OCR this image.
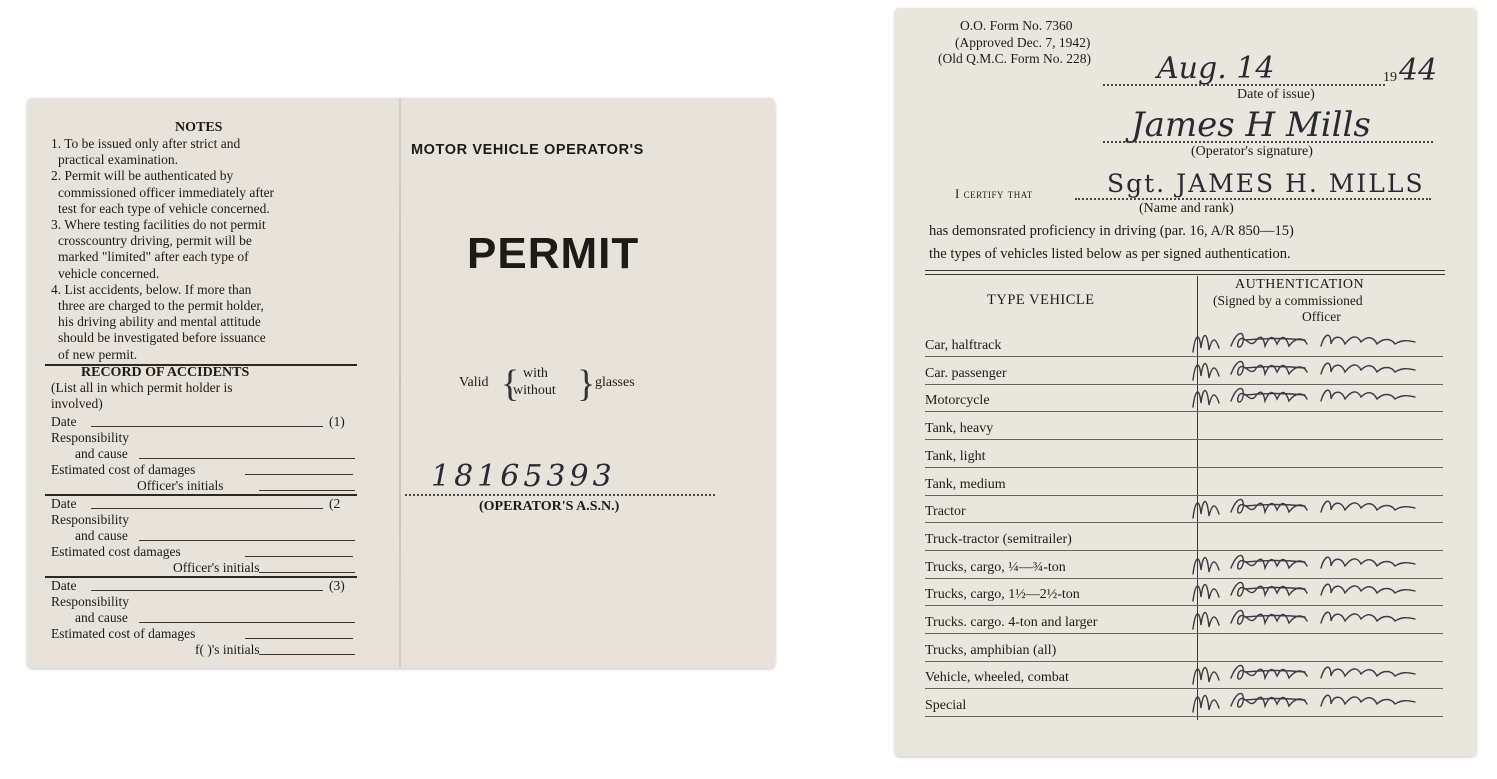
NOTES
1. To be issued only after strict and
practical examination.
2. Permit will be authenticated by
commissioned officer immediately after
test for each type of vehicle concerned.
3. Where testing facilities do not permit
crosscountry driving, permit will be
marked "limited" after each type of
vehicle concerned.
4. List accidents, below. If more than
three are charged to the permit holder,
his driving ability and mental attitude
should be investigated before issuance
of new permit.
RECORD OF ACCIDENTS
(List all in which permit holder is
involved)
Date	(1)
Responsibility
and cause
Estimated cost of damages
Officer's initials
Date	(2
Responsibility
and cause
Estimated cost damages
Officer's initials
Date	(3)
Responsibility
and cause
Estimated cost of damages
f( )'s initials
MOTOR VEHICLE OPERATOR'S
PERMIT
Valid { with
without } glasses
18165393
(OPERATOR'S A.S.N.)
O.O. Form No. 7360
(Approved Dec. 7, 1942)
(Old Q.M.C. Form No. 228) Aug. 14	19 44
Date of issue)
James H Mills
(Operator's signature)
I certify that	Sgt. JAMES H. MILLS
(Name and rank)
has demonsrated proficiency in driving (par. 16, A/R 850—15)
the types of vehicles listed below as per signed authentication.
TYPE VEHICLE
AUTHENTICATION
(Signed by a commissioned
Officer
Car, halftrack
Car. passenger
Motorcycle
Tank, heavy
Tank, light
Tank, medium
Tractor
Truck-tractor (semitrailer)
Trucks, cargo, ¼—¾-ton
Trucks, cargo, 1½—2½-ton
Trucks. cargo. 4-ton and larger
Trucks, amphibian (all)
Vehicle, wheeled, combat
Special
